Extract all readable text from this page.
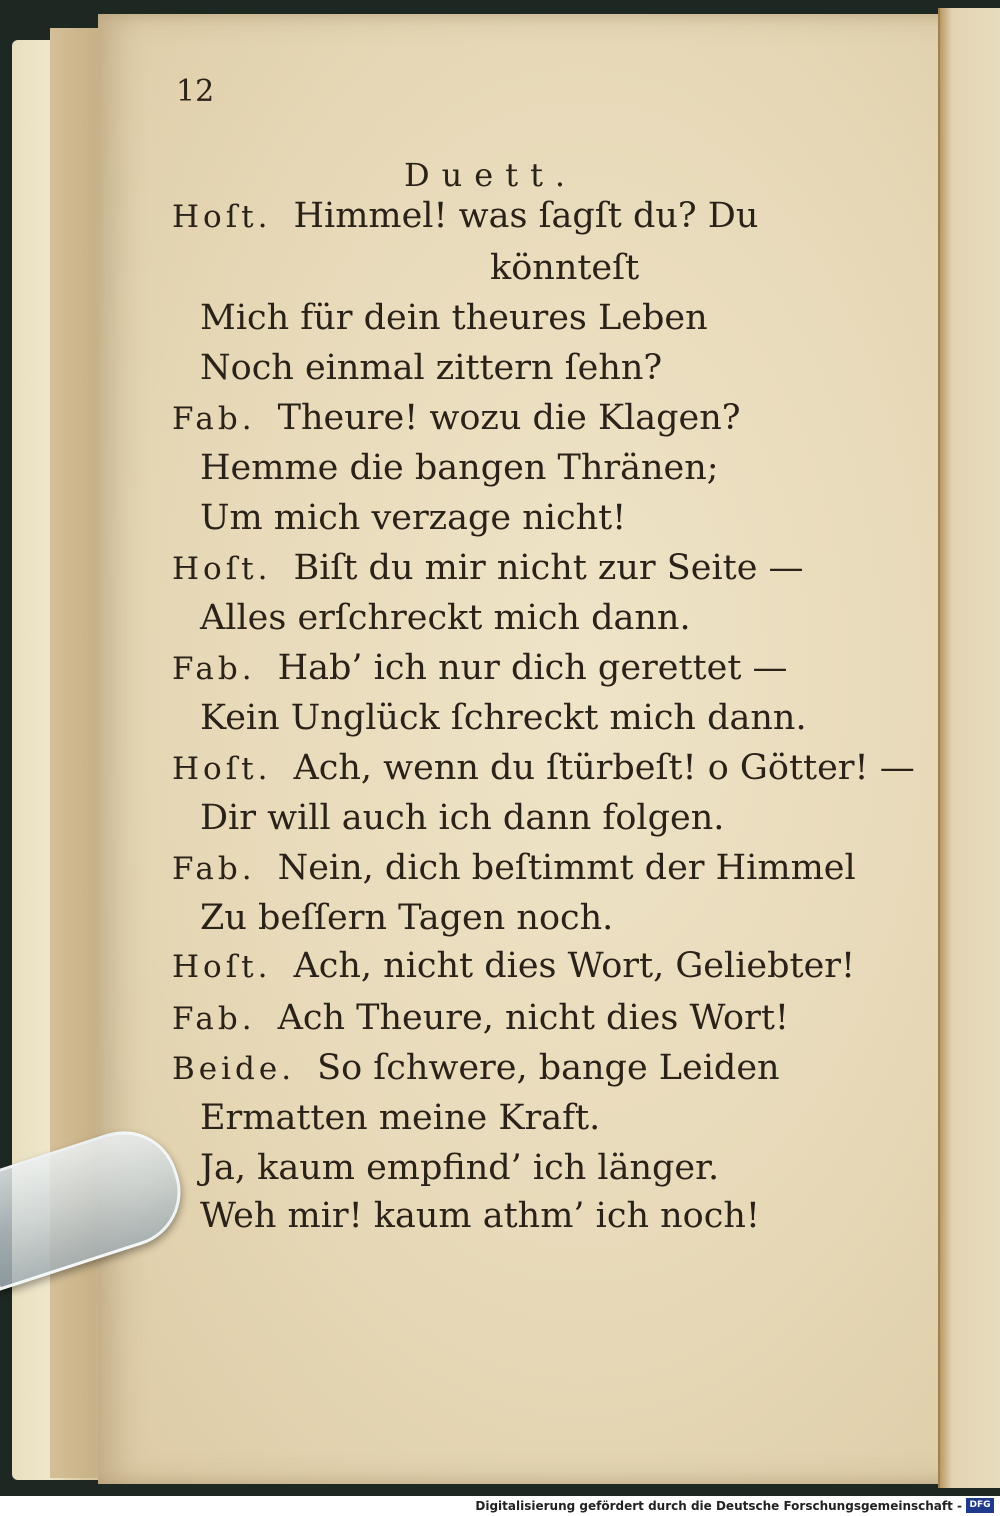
12
Duett.
Hoſt. Himmel! was ſagſt du? Du
könnteſt
Mich für dein theures Leben
Noch einmal zittern ſehn?
Fab. Theure! wozu die Klagen?
Hemme die bangen Thränen;
Um mich verzage nicht!
Hoſt. Biſt du mir nicht zur Seite —
Alles erſchreckt mich dann.
Fab. Hab’ ich nur dich gerettet —
Kein Unglück ſchreckt mich dann.
Hoſt. Ach, wenn du ſtürbeſt! o Götter! —
Dir will auch ich dann folgen.
Fab. Nein, dich beſtimmt der Himmel
Zu beſſern Tagen noch.
Hoſt. Ach, nicht dies Wort, Geliebter!
Fab. Ach Theure, nicht dies Wort!
Beide. So ſchwere, bange Leiden
Ermatten meine Kraft.
Ja, kaum empfind’ ich länger.
Weh mir! kaum athm’ ich noch!
Digitalisierung gefördert durch die Deutsche Forschungsgemeinschaft - DFG
